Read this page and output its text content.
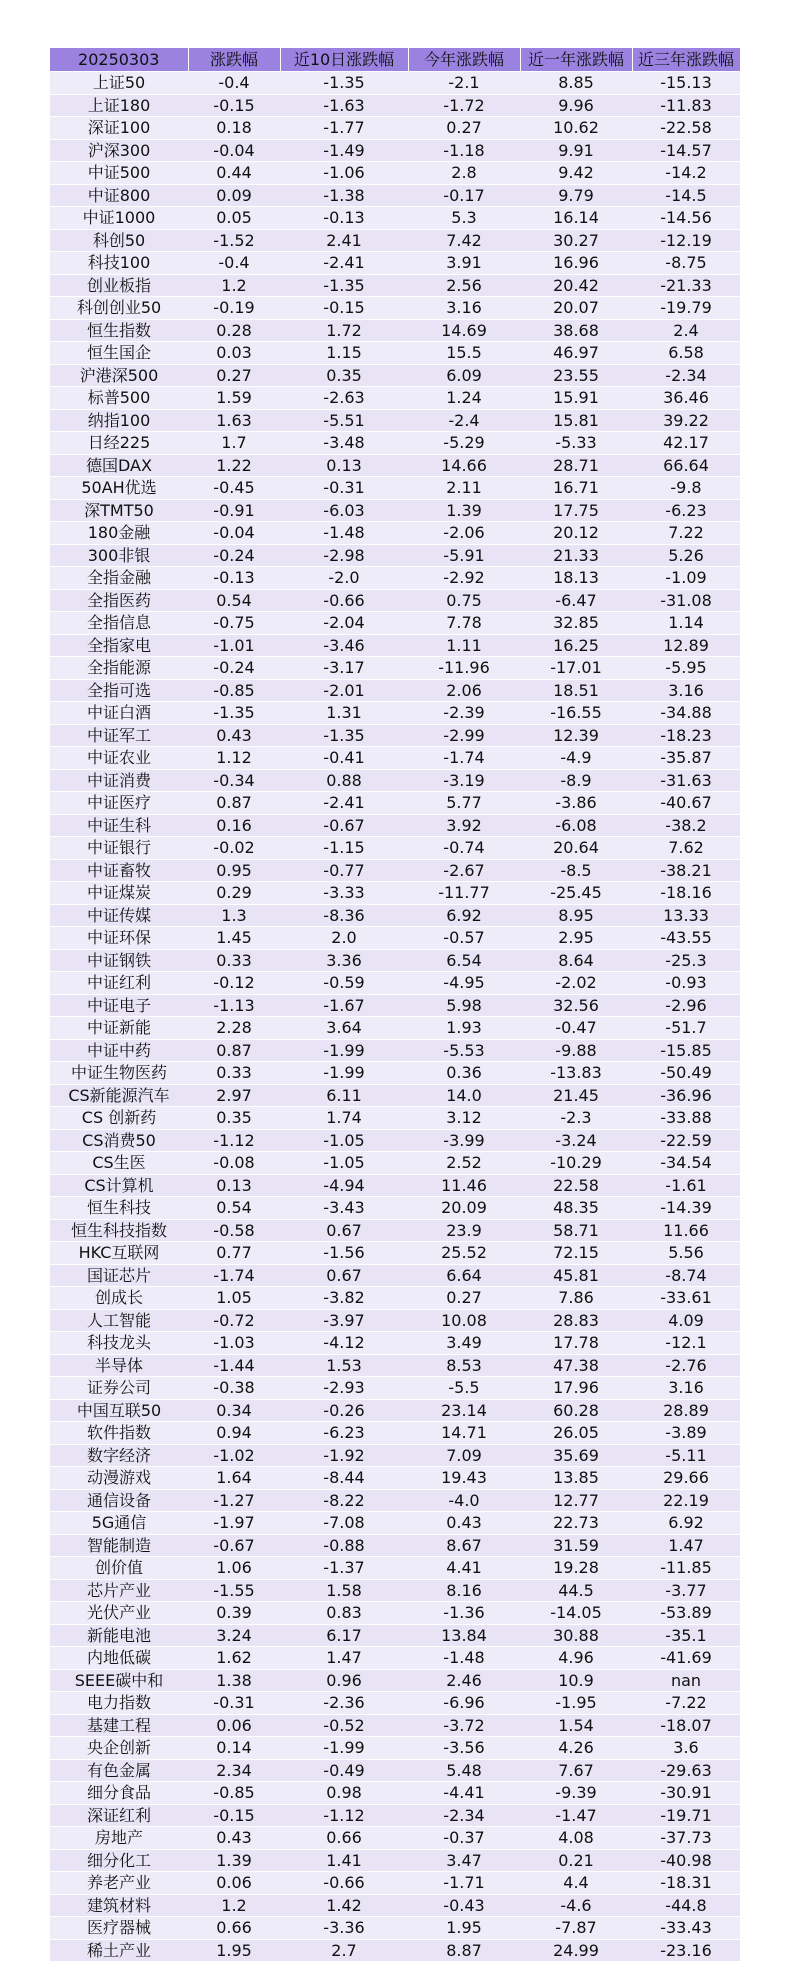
20250303	涨跌幅	近10日涨跌幅	今年涨跌幅	近一年涨跌幅	近三年涨跌幅
上证50	-0.4	-1.35	-2.1	8.85	-15.13
上证180	-0.15	-1.63	-1.72	9.96	-11.83
深证100	0.18	-1.77	0.27	10.62	-22.58
沪深300	-0.04	-1.49	-1.18	9.91	-14.57
中证500	0.44	-1.06	2.8	9.42	-14.2
中证800	0.09	-1.38	-0.17	9.79	-14.5
中证1000	0.05	-0.13	5.3	16.14	-14.56
科创50	-1.52	2.41	7.42	30.27	-12.19
科技100	-0.4	-2.41	3.91	16.96	-8.75
创业板指	1.2	-1.35	2.56	20.42	-21.33
科创创业50	-0.19	-0.15	3.16	20.07	-19.79
恒生指数	0.28	1.72	14.69	38.68	2.4
恒生国企	0.03	1.15	15.5	46.97	6.58
沪港深500	0.27	0.35	6.09	23.55	-2.34
标普500	1.59	-2.63	1.24	15.91	36.46
纳指100	1.63	-5.51	-2.4	15.81	39.22
日经225	1.7	-3.48	-5.29	-5.33	42.17
德国DAX	1.22	0.13	14.66	28.71	66.64
50AH优选	-0.45	-0.31	2.11	16.71	-9.8
深TMT50	-0.91	-6.03	1.39	17.75	-6.23
180金融	-0.04	-1.48	-2.06	20.12	7.22
300非银	-0.24	-2.98	-5.91	21.33	5.26
全指金融	-0.13	-2.0	-2.92	18.13	-1.09
全指医药	0.54	-0.66	0.75	-6.47	-31.08
全指信息	-0.75	-2.04	7.78	32.85	1.14
全指家电	-1.01	-3.46	1.11	16.25	12.89
全指能源	-0.24	-3.17	-11.96	-17.01	-5.95
全指可选	-0.85	-2.01	2.06	18.51	3.16
中证白酒	-1.35	1.31	-2.39	-16.55	-34.88
中证军工	0.43	-1.35	-2.99	12.39	-18.23
中证农业	1.12	-0.41	-1.74	-4.9	-35.87
中证消费	-0.34	0.88	-3.19	-8.9	-31.63
中证医疗	0.87	-2.41	5.77	-3.86	-40.67
中证生科	0.16	-0.67	3.92	-6.08	-38.2
中证银行	-0.02	-1.15	-0.74	20.64	7.62
中证畜牧	0.95	-0.77	-2.67	-8.5	-38.21
中证煤炭	0.29	-3.33	-11.77	-25.45	-18.16
中证传媒	1.3	-8.36	6.92	8.95	13.33
中证环保	1.45	2.0	-0.57	2.95	-43.55
中证钢铁	0.33	3.36	6.54	8.64	-25.3
中证红利	-0.12	-0.59	-4.95	-2.02	-0.93
中证电子	-1.13	-1.67	5.98	32.56	-2.96
中证新能	2.28	3.64	1.93	-0.47	-51.7
中证中药	0.87	-1.99	-5.53	-9.88	-15.85
中证生物医药	0.33	-1.99	0.36	-13.83	-50.49
CS新能源汽车	2.97	6.11	14.0	21.45	-36.96
CS 创新药	0.35	1.74	3.12	-2.3	-33.88
CS消费50	-1.12	-1.05	-3.99	-3.24	-22.59
CS生医	-0.08	-1.05	2.52	-10.29	-34.54
CS计算机	0.13	-4.94	11.46	22.58	-1.61
恒生科技	0.54	-3.43	20.09	48.35	-14.39
恒生科技指数	-0.58	0.67	23.9	58.71	11.66
HKC互联网	0.77	-1.56	25.52	72.15	5.56
国证芯片	-1.74	0.67	6.64	45.81	-8.74
创成长	1.05	-3.82	0.27	7.86	-33.61
人工智能	-0.72	-3.97	10.08	28.83	4.09
科技龙头	-1.03	-4.12	3.49	17.78	-12.1
半导体	-1.44	1.53	8.53	47.38	-2.76
证券公司	-0.38	-2.93	-5.5	17.96	3.16
中国互联50	0.34	-0.26	23.14	60.28	28.89
软件指数	0.94	-6.23	14.71	26.05	-3.89
数字经济	-1.02	-1.92	7.09	35.69	-5.11
动漫游戏	1.64	-8.44	19.43	13.85	29.66
通信设备	-1.27	-8.22	-4.0	12.77	22.19
5G通信	-1.97	-7.08	0.43	22.73	6.92
智能制造	-0.67	-0.88	8.67	31.59	1.47
创价值	1.06	-1.37	4.41	19.28	-11.85
芯片产业	-1.55	1.58	8.16	44.5	-3.77
光伏产业	0.39	0.83	-1.36	-14.05	-53.89
新能电池	3.24	6.17	13.84	30.88	-35.1
内地低碳	1.62	1.47	-1.48	4.96	-41.69
SEEE碳中和	1.38	0.96	2.46	10.9	nan
电力指数	-0.31	-2.36	-6.96	-1.95	-7.22
基建工程	0.06	-0.52	-3.72	1.54	-18.07
央企创新	0.14	-1.99	-3.56	4.26	3.6
有色金属	2.34	-0.49	5.48	7.67	-29.63
细分食品	-0.85	0.98	-4.41	-9.39	-30.91
深证红利	-0.15	-1.12	-2.34	-1.47	-19.71
房地产	0.43	0.66	-0.37	4.08	-37.73
细分化工	1.39	1.41	3.47	0.21	-40.98
养老产业	0.06	-0.66	-1.71	4.4	-18.31
建筑材料	1.2	1.42	-0.43	-4.6	-44.8
医疗器械	0.66	-3.36	1.95	-7.87	-33.43
稀土产业	1.95	2.7	8.87	24.99	-23.16
